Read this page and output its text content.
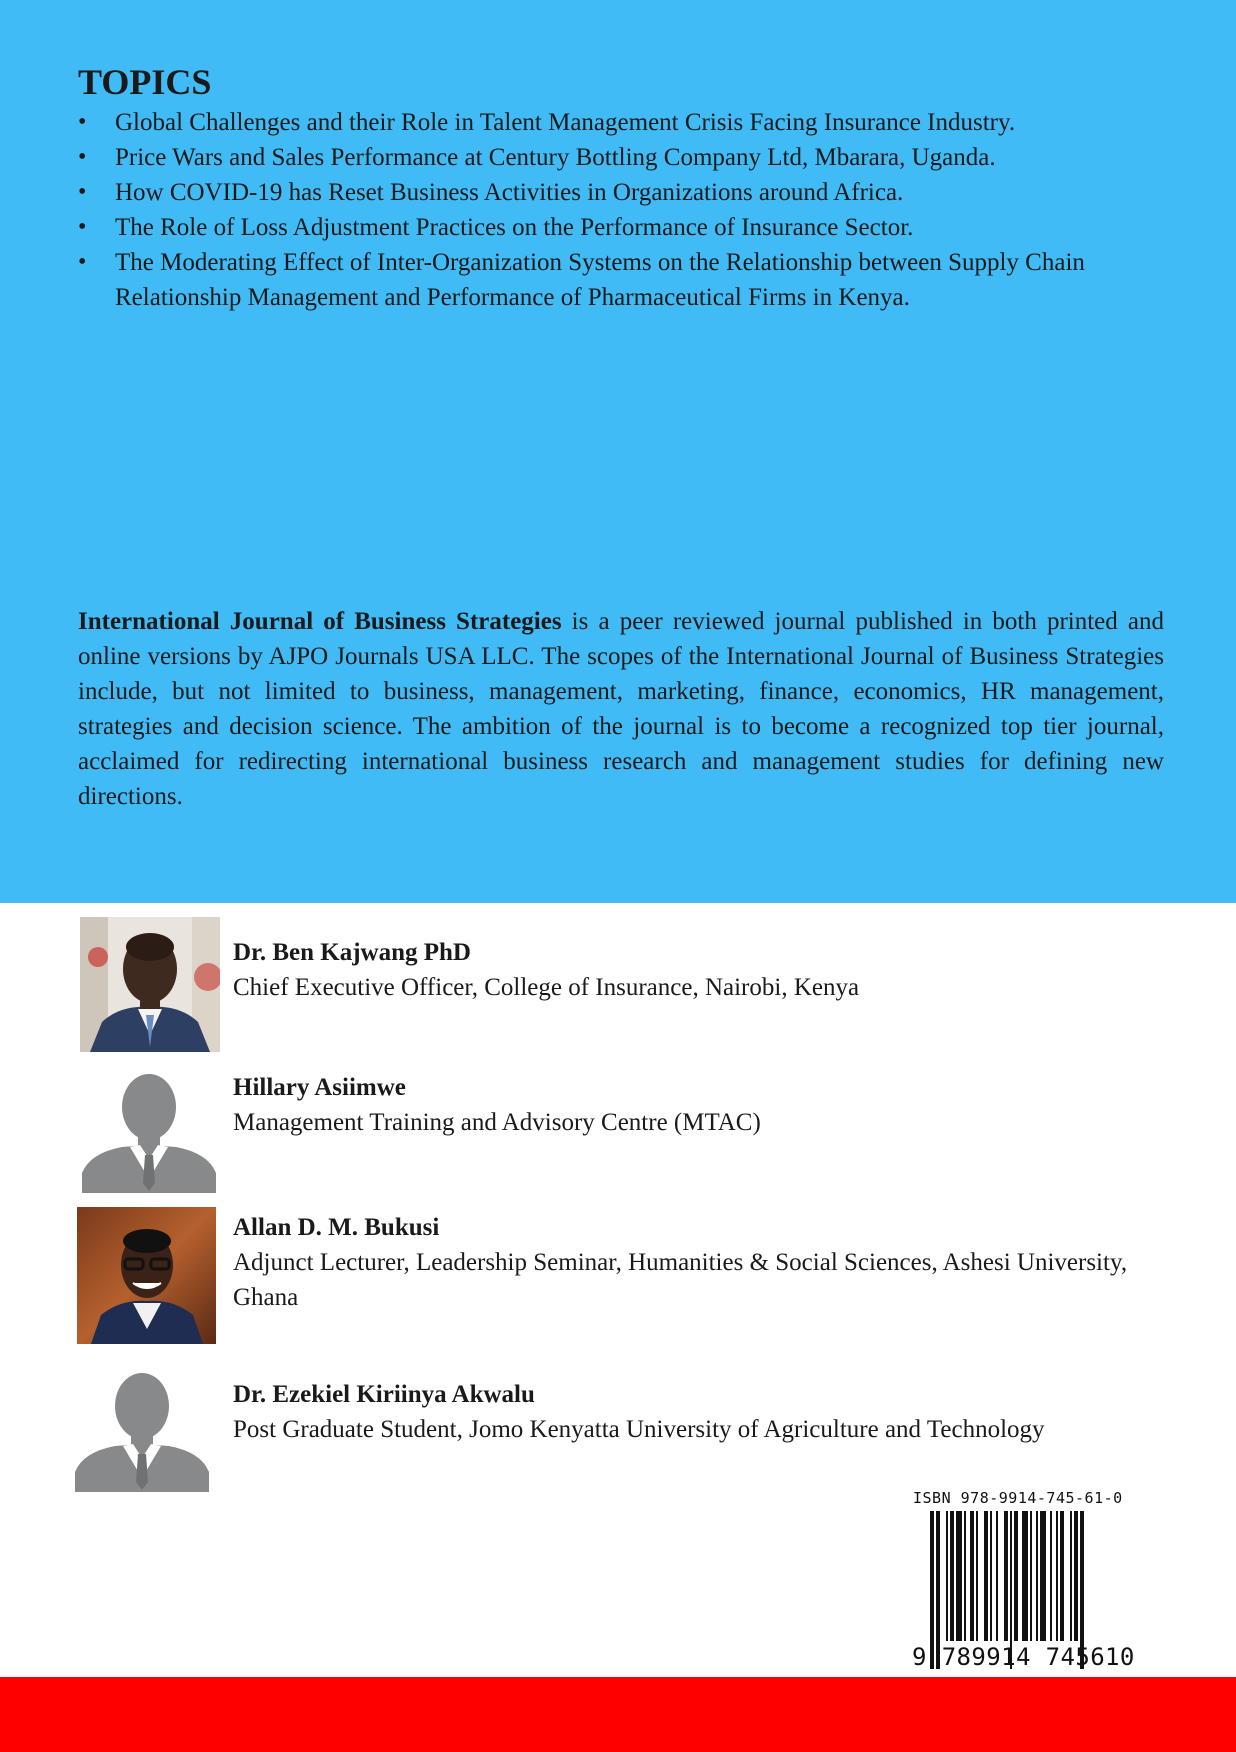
TOPICS
• Global Challenges and their Role in Talent Management Crisis Facing Insurance Industry.
• Price Wars and Sales Performance at Century Bottling Company Ltd, Mbarara, Uganda.
• How COVID-19 has Reset Business Activities in Organizations around Africa.
• The Role of Loss Adjustment Practices on the Performance of Insurance Sector.
• The Moderating Effect of Inter-Organization Systems on the Relationship between Supply Chain Relationship Management and Performance of Pharmaceutical Firms in Kenya.

International Journal of Business Strategies is a peer reviewed journal published in both printed and online versions by AJPO Journals USA LLC. The scopes of the International Journal of Business Strategies include, but not limited to business, management, marketing, finance, economics, HR management, strategies and decision science. The ambition of the journal is to become a recognized top tier journal, acclaimed for redirecting international business research and management studies for defining new directions.

Dr. Ben Kajwang PhD
Chief Executive Officer, College of Insurance, Nairobi, Kenya
Hillary Asiimwe
Management Training and Advisory Centre (MTAC)
Allan D. M. Bukusi
Adjunct Lecturer, Leadership Seminar, Humanities & Social Sciences, Ashesi University, Ghana
Dr. Ezekiel Kiriinya Akwalu
Post Graduate Student, Jomo Kenyatta University of Agriculture and Technology
ISBN 978-9914-745-61-0
9 789914 745610
